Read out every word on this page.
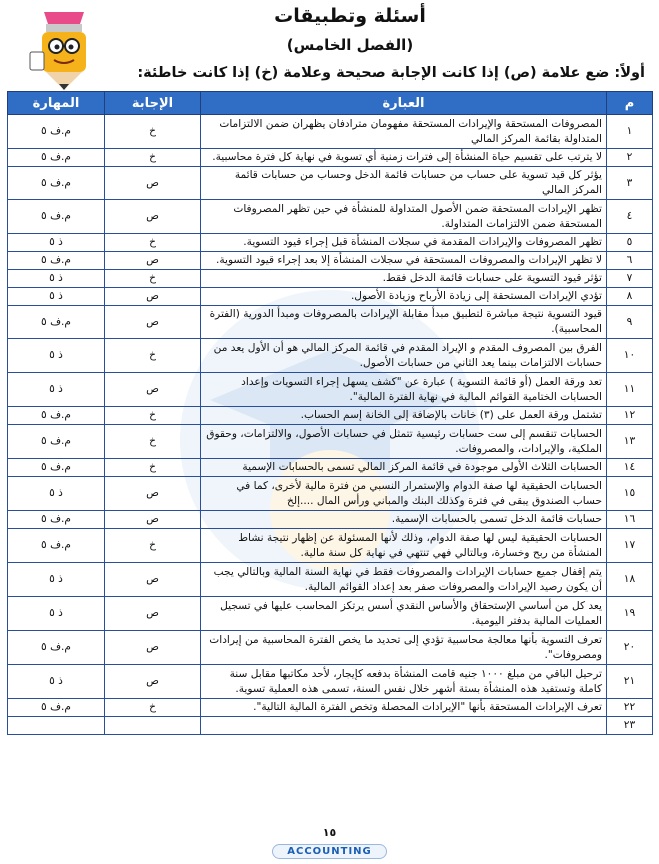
أسئلة وتطبيقات
(الفصل الخامس)
أولاً: ضع علامة (ص) إذا كانت الإجابة صحيحة وعلامة (خ) إذا كانت خاطئة:
م	العبارة	الإجابة	المهارة
١	المصروفات المستحقة والإيرادات المستحقة مفهومان مترادفان يظهران ضمن الالتزامات المتداولة بقائمة المركز المالي	خ	م.ف ٥
٢	لا يترتب على تقسيم حياة المنشأة إلى فترات زمنية أي تسوية في نهاية كل فترة محاسبية.	خ	م.ف ٥
٣	يؤثر كل قيد تسوية على حساب من حسابات قائمة الدخل وحساب من حسابات قائمة المركز المالي	ص	م.ف ٥
٤	تظهر الإيرادات المستحقة ضمن الأصول المتداولة للمنشأة في حين تظهر المصروفات المستحقة ضمن الالتزامات المتداولة.	ص	م.ف ٥
٥	تظهر المصروفات والإيرادات المقدمة في سجلات المنشأة قبل إجراء قيود التسوية.	خ	ذ ٥
٦	لا تظهر الإيرادات والمصروفات المستحقة في سجلات المنشأة إلا بعد إجراء قيود التسوية.	ص	م.ف ٥
٧	تؤثر قيود التسوية على حسابات قائمة الدخل فقط.	خ	ذ ٥
٨	تؤدي الإيرادات المستحقة إلى زيادة الأرباح وزيادة الأصول.	ص	ذ ٥
٩	قيود التسوية نتيجة مباشرة لتطبيق مبدأ مقابلة الإيرادات بالمصروفات ومبدأ الدورية (الفترة المحاسبية).	ص	م.ف ٥
١٠	الفرق بين المصروف المقدم و الإيراد المقدم في قائمة المركز المالي هو أن الأول يعد من حسابات الالتزامات بينما يعد الثاني من حسابات الأصول.	خ	ذ ٥
١١	تعد ورقة العمل (أو قائمة التسوية ) عبارة عن "كشف يسهل إجراء التسويات وإعداد الحسابات الختامية القوائم المالية في نهاية الفترة المالية".	ص	ذ ٥
١٢	تشتمل ورقة العمل على (٣) خانات بالإضافة إلى الخانة إسم الحساب.	خ	م.ف ٥
١٣	الحسابات تنقسم إلى ست حسابات رئيسية تتمثل في حسابات الأصول، والالتزامات، وحقوق الملكية، والإيرادات، والمصروفات.	خ	م.ف ٥
١٤	الحسابات الثلاث الأولى موجودة في قائمة المركز المالي تسمى بالحسابات الإسمية	خ	م.ف ٥
١٥	الحسابات الحقيقية لها صفة الدوام والإستمرار النسبي من فترة مالية لأخرى، كما في حساب الصندوق يبقى في فترة وكذلك البنك والمباني ورأس المال ....إلخ	ص	ذ ٥
١٦	حسابات قائمة الدخل تسمى بالحسابات الإسمية.	ص	م.ف ٥
١٧	الحسابات الحقيقية ليس لها صفة الدوام، وذلك لأنها المسئولة عن إظهار نتيجة نشاط المنشأة من ربح وخسارة، وبالتالي فهي تنتهي في نهاية كل سنة مالية.	خ	م.ف ٥
١٨	يتم إقفال جميع حسابات الإيرادات والمصروفات فقط في نهاية السنة المالية وبالتالي يجب أن يكون رصيد الإيرادات والمصروفات صفر بعد إعداد القوائم المالية.	ص	ذ ٥
١٩	يعد كل من أساسي الإستحقاق والأساس النقدي أسس يرتكز المحاسب عليها في تسجيل العمليات المالية بدفتر اليومية.	ص	ذ ٥
٢٠	تعرف التسوية بأنها معالجة محاسبية تؤدي إلى تحديد ما يخص الفترة المحاسبية من إيرادات ومصروفات".	ص	م.ف ٥
٢١	ترحيل الباقي من مبلغ ١٠٠٠ جنيه قامت المنشأة بدفعه كإيجار، لأحد مكاتبها مقابل سنة كاملة وتستفيد هذه المنشأة بستة أشهر خلال نفس السنة، تسمى هذه العملية تسوية.	ص	ذ ٥
٢٢	تعرف الإيرادات المستحقة بأنها "الإيرادات المحصلة وتخص الفترة المالية التالية".	خ	م.ف ٥
٢٣			
١٥
ACCOUNTING
